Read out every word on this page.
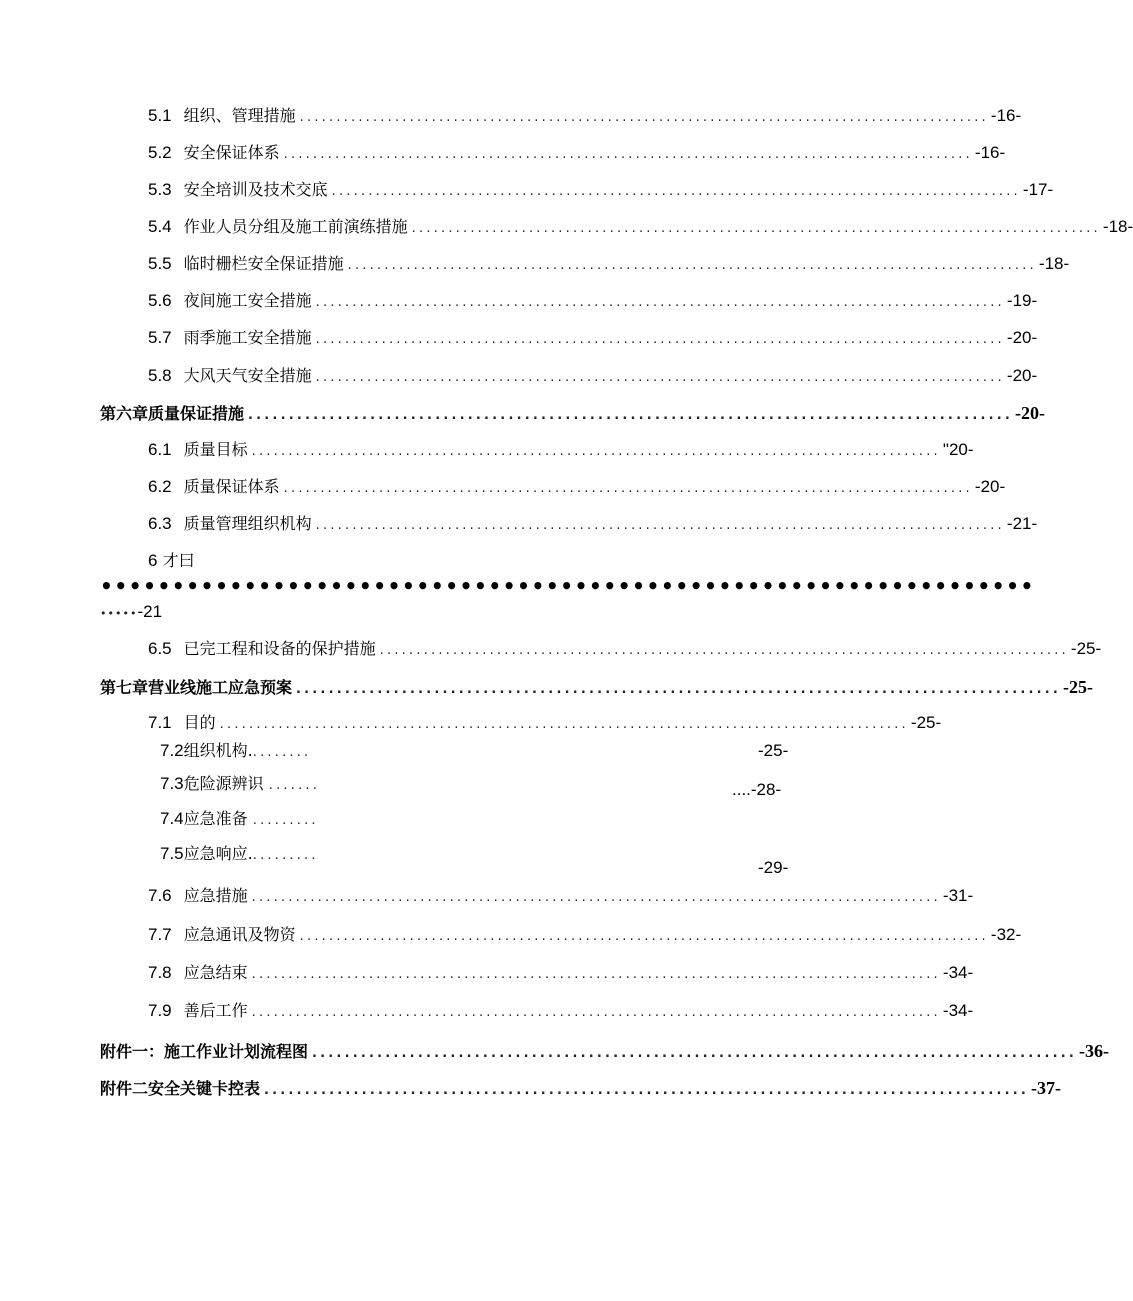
5.1 组织、管理措施 .............................................................................................. -16-
5.2 安全保证体系 .............................................................................................. -16-
5.3 安全培训及技术交底 .............................................................................................. -17-
5.4 作业人员分组及施工前演练措施 .............................................................................................. -18-
5.5 临时栅栏安全保证措施 .............................................................................................. -18-
5.6 夜间施工安全措施 .............................................................................................. -19-
5.7 雨季施工安全措施 .............................................................................................. -20-
5.8 大风天气安全措施 .............................................................................................. -20-
第六章质量保证措施 .............................................................................................. -20-
6.1 质量目标 .............................................................................................. "20-
6.2 质量保证体系 .............................................................................................. -20-
6.3 质量管理组织机构 .............................................................................................. -21-
6 才曰
•••••••••••••••••••••••••••••••••••••••••••••••••••••••••••••••••
•••••-21
6.5 已完工程和设备的保护措施 .............................................................................................. -25-
第七章营业线施工应急预案 .............................................................................................. -25-
7.1 目的 .............................................................................................. -25-
7.2组织机构.........	-25-
7.3危险源辨识 .......	....-28-
7.4应急准备 .........
7.5应急响应..........
-29-
7.6 应急措施 .............................................................................................. -31-
7.7 应急通讯及物资 .............................................................................................. -32-
7.8 应急结束 .............................................................................................. -34-
7.9 善后工作 .............................................................................................. -34-
附件一：施工作业计划流程图 .............................................................................................. -36-
附件二安全关键卡控表 .............................................................................................. -37-
